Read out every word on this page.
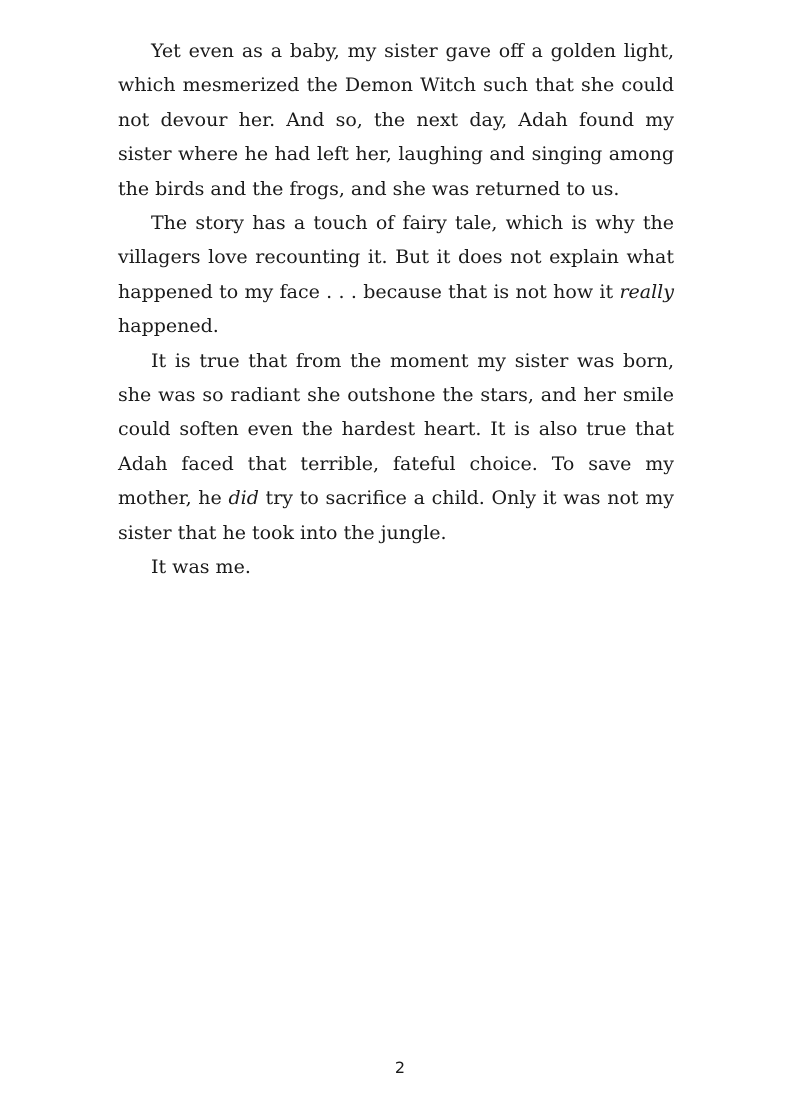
Yet even as a baby, my sister gave off a golden light, which mesmerized the Demon Witch such that she could not devour her. And so, the next day, Adah found my sister where he had left her, laughing and singing among the birds and the frogs, and she was returned to us.

The story has a touch of fairy tale, which is why the villagers love recounting it. But it does not explain what happened to my face . . . because that is not how it really happened.

It is true that from the moment my sister was born, she was so radiant she outshone the stars, and her smile could soften even the hardest heart. It is also true that Adah faced that terrible, fateful choice. To save my mother, he did try to sacrifice a child. Only it was not my sister that he took into the jungle.

It was me.

2
